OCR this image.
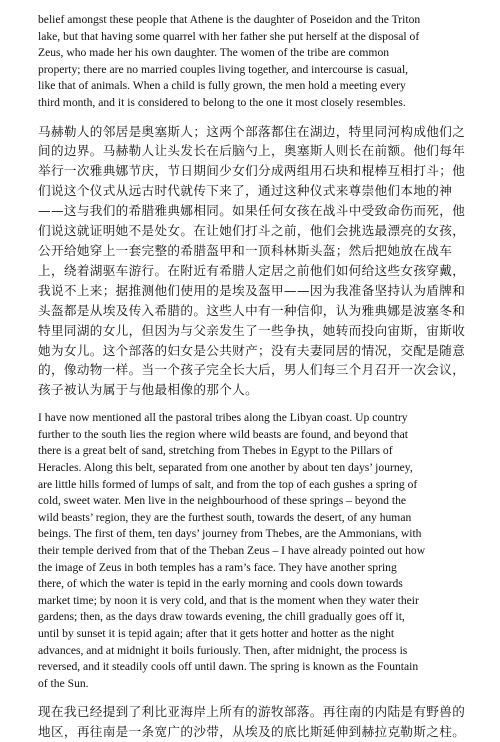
belief amongst these people that Athene is the daughter of Poseidon and the Triton
lake, but that having some quarrel with her father she put herself at the disposal of
Zeus, who made her his own daughter. The women of the tribe are common
property; there are no married couples living together, and intercourse is casual,
like that of animals. When a child is fully grown, the men hold a meeting every
third month, and it is considered to belong to the one it most closely resembles.

马赫勒人的邻居是奥塞斯人；这两个部落都住在湖边，特里同河构成他们之
间的边界。马赫勒人让头发长在后脑勺上，奥塞斯人则长在前额。他们每年
举行一次雅典娜节庆，节日期间少女们分成两组用石块和棍棒互相打斗；他
们说这个仪式从远古时代就传下来了，通过这种仪式来尊崇他们本地的神
——这与我们的希腊雅典娜相同。如果任何女孩在战斗中受致命伤而死，他
们说这就证明她不是处女。在让她们打斗之前，他们会挑选最漂亮的女孩，
公开给她穿上一套完整的希腊盔甲和一顶科林斯头盔；然后把她放在战车
上，绕着湖驱车游行。在附近有希腊人定居之前他们如何给这些女孩穿戴，
我说不上来；据推测他们使用的是埃及盔甲——因为我准备坚持认为盾牌和
头盔都是从埃及传入希腊的。这些人中有一种信仰，认为雅典娜是波塞冬和
特里同湖的女儿，但因为与父亲发生了一些争执，她转而投向宙斯，宙斯收
她为女儿。这个部落的妇女是公共财产；没有夫妻同居的情况，交配是随意
的，像动物一样。当一个孩子完全长大后，男人们每三个月召开一次会议，
孩子被认为属于与他最相像的那个人。

I have now mentioned all the pastoral tribes along the Libyan coast. Up country
further to the south lies the region where wild beasts are found, and beyond that
there is a great belt of sand, stretching from Thebes in Egypt to the Pillars of
Heracles. Along this belt, separated from one another by about ten days’ journey,
are little hills formed of lumps of salt, and from the top of each gushes a spring of
cold, sweet water. Men live in the neighbourhood of these springs – beyond the
wild beasts’ region, they are the furthest south, towards the desert, of any human
beings. The first of them, ten days’ journey from Thebes, are the Ammonians, with
their temple derived from that of the Theban Zeus – I have already pointed out how
the image of Zeus in both temples has a ram’s face. They have another spring
there, of which the water is tepid in the early morning and cools down towards
market time; by noon it is very cold, and that is the moment when they water their
gardens; then, as the days draw towards evening, the chill gradually goes off it,
until by sunset it is tepid again; after that it gets hotter and hotter as the night
advances, and at midnight it boils furiously. Then, after midnight, the process is
reversed, and it steadily cools off until dawn. The spring is known as the Fountain
of the Sun.

现在我已经提到了利比亚海岸上所有的游牧部落。再往南的内陆是有野兽的
地区，再往南是一条宽广的沙带，从埃及的底比斯延伸到赫拉克勒斯之柱。
